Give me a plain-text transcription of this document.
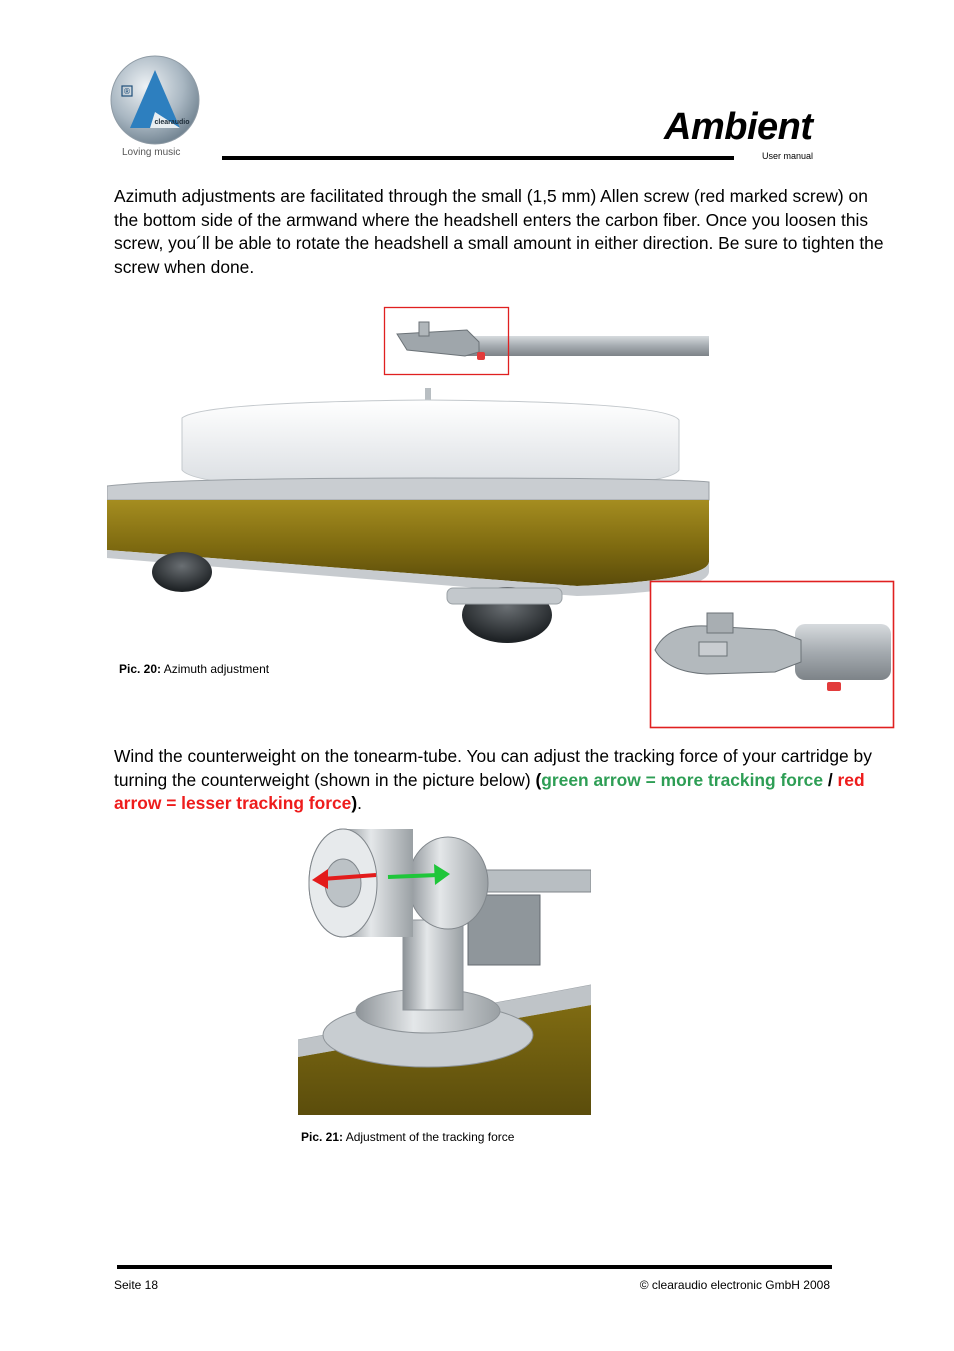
®
clearaudio
Loving music
Ambient
User manual
Azimuth adjustments are facilitated through the small (1,5 mm) Allen screw (red marked screw) on the bottom side of the armwand where the headshell enters the carbon fiber. Once you loosen this screw, you´ll be able to rotate the headshell a small amount in either direction. Be sure to tighten the screw when done.
Pic. 20: Azimuth adjustment
Wind the counterweight on the tonearm-tube. You can adjust the tracking force of your cartridge by turning the counterweight (shown in the picture below) (green arrow = more tracking force / red arrow = lesser tracking force).
Pic. 21: Adjustment of the tracking force
Seite 18	© clearaudio electronic GmbH 2008
